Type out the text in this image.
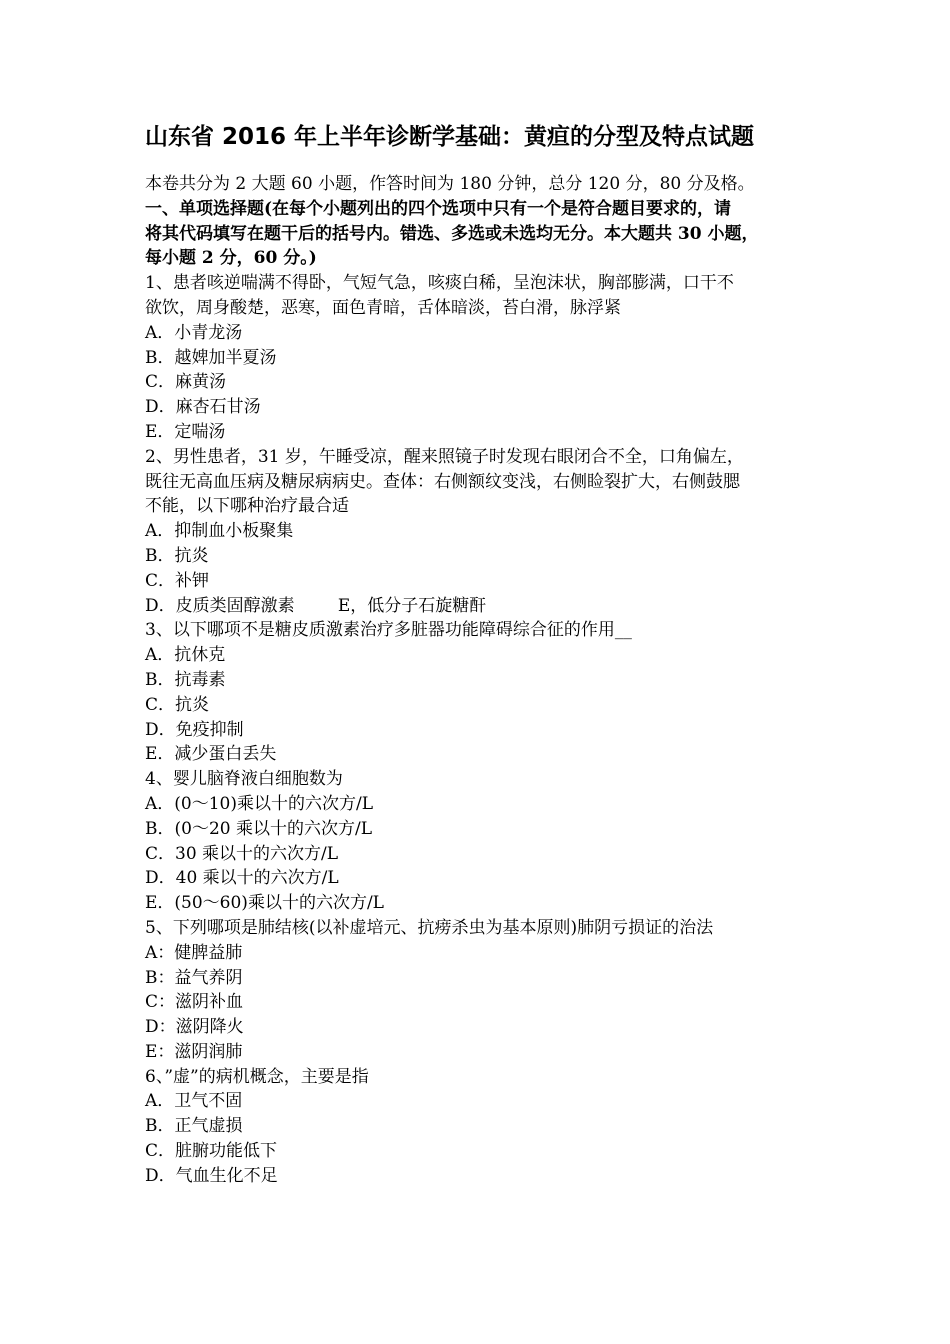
山东省 2016 年上半年诊断学基础：黄疸的分型及特点试题
本卷共分为 2 大题 60 小题，作答时间为 180 分钟，总分 120 分，80 分及格。
一、单项选择题(在每个小题列出的四个选项中只有一个是符合题目要求的，请
将其代码填写在题干后的括号内。错选、多选或未选均无分。本大题共 30 小题，
每小题 2 分，60 分。)
1、患者咳逆喘满不得卧，气短气急，咳痰白稀，呈泡沫状，胸部膨满，口干不
欲饮，周身酸楚，恶寒，面色青暗，舌体暗淡，苔白滑，脉浮紧
A．小青龙汤
B．越婢加半夏汤
C．麻黄汤
D．麻杏石甘汤
E．定喘汤
2、男性患者，31 岁，午睡受凉，醒来照镜子时发现右眼闭合不全，口角偏左，
既往无高血压病及糖尿病病史。查体：右侧额纹变浅，右侧睑裂扩大，右侧鼓腮
不能，以下哪种治疗最合适
A．抑制血小板聚集
B．抗炎
C．补钾
D．皮质类固醇激素        E，低分子石旋糖酐
3、以下哪项不是糖皮质激素治疗多脏器功能障碍综合征的作用__
A．抗休克
B．抗毒素
C．抗炎
D．免疫抑制
E．减少蛋白丢失
4、婴儿脑脊液白细胞数为
A．(0～10)乘以十的六次方/L
B．(0～20 乘以十的六次方/L
C．30 乘以十的六次方/L
D．40 乘以十的六次方/L
E．(50～60)乘以十的六次方/L
5、下列哪项是肺结核(以补虚培元、抗痨杀虫为基本原则)肺阴亏损证的治法
A：健脾益肺
B：益气养阴
C：滋阴补血
D：滋阴降火
E：滋阴润肺
6、”虚”的病机概念，主要是指
A．卫气不固
B．正气虚损
C．脏腑功能低下
D．气血生化不足
